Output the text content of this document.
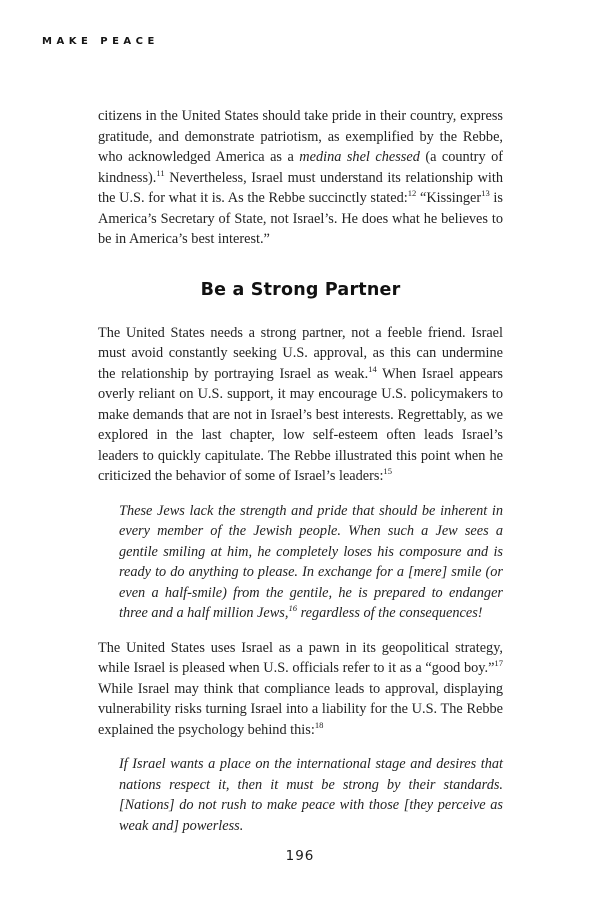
MAKE PEACE

citizens in the United States should take pride in their country, express gratitude, and demonstrate patriotism, as exemplified by the Rebbe, who acknowledged America as a medina shel chessed (a country of kindness).$^{11}$ Nevertheless, Israel must understand its relationship with the U.S. for what it is. As the Rebbe succinctly stated:$^{12}$ “Kissinger$^{13}$ is America’s Secretary of State, not Israel’s. He does what he believes to be in America’s best interest.”

Be a Strong Partner

The United States needs a strong partner, not a feeble friend. Israel must avoid constantly seeking U.S. approval, as this can undermine the relationship by portraying Israel as weak.$^{14}$ When Israel appears overly reliant on U.S. support, it may encourage U.S. policymakers to make demands that are not in Israel’s best interests. Regrettably, as we explored in the last chapter, low self-esteem often leads Israel’s leaders to quickly capitulate. The Rebbe illustrated this point when he criticized the behavior of some of Israel’s leaders:$^{15}$

These Jews lack the strength and pride that should be inherent in every member of the Jewish people. When such a Jew sees a gentile smiling at him, he completely loses his composure and is ready to do anything to please. In exchange for a [mere] smile (or even a half-smile) from the gentile, he is prepared to endanger three and a half million Jews,$^{16}$ regardless of the consequences!

The United States uses Israel as a pawn in its geopolitical strategy, while Israel is pleased when U.S. officials refer to it as a “good boy.”$^{17}$ While Israel may think that compliance leads to approval, displaying vulnerability risks turning Israel into a liability for the U.S. The Rebbe explained the psychology behind this:$^{18}$

If Israel wants a place on the international stage and desires that nations respect it, then it must be strong by their standards. [Nations] do not rush to make peace with those [they perceive as weak and] powerless.
196
